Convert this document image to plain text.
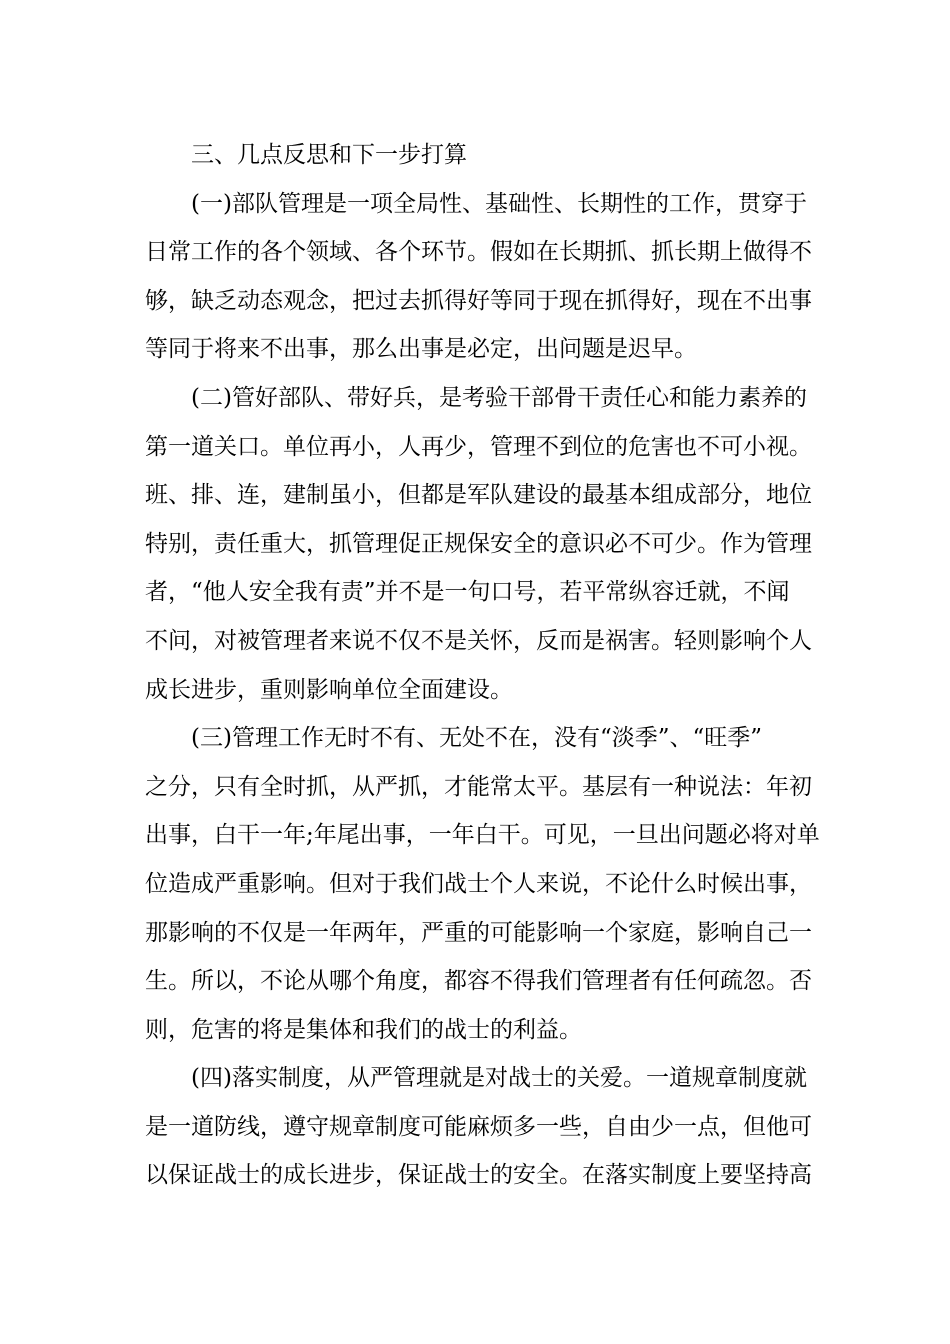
三、几点反思和下一步打算
(一)部队管理是一项全局性、基础性、长期性的工作，贯穿于
日常工作的各个领域、各个环节。假如在长期抓、抓长期上做得不
够，缺乏动态观念，把过去抓得好等同于现在抓得好，现在不出事
等同于将来不出事，那么出事是必定，出问题是迟早。
(二)管好部队、带好兵，是考验干部骨干责任心和能力素养的
第一道关口。单位再小，人再少，管理不到位的危害也不可小视。
班、排、连，建制虽小，但都是军队建设的最基本组成部分，地位
特别，责任重大，抓管理促正规保安全的意识必不可少。作为管理
者，“他人安全我有责”并不是一句口号，若平常纵容迁就，不闻
不问，对被管理者来说不仅不是关怀，反而是祸害。轻则影响个人
成长进步，重则影响单位全面建设。
(三)管理工作无时不有、无处不在，没有“淡季”、“旺季”
之分，只有全时抓，从严抓，才能常太平。基层有一种说法：年初
出事，白干一年;年尾出事，一年白干。可见，一旦出问题必将对单
位造成严重影响。但对于我们战士个人来说，不论什么时候出事，
那影响的不仅是一年两年，严重的可能影响一个家庭，影响自己一
生。所以，不论从哪个角度，都容不得我们管理者有任何疏忽。否
则，危害的将是集体和我们的战士的利益。
(四)落实制度，从严管理就是对战士的关爱。一道规章制度就
是一道防线，遵守规章制度可能麻烦多一些，自由少一点，但他可
以保证战士的成长进步，保证战士的安全。在落实制度上要坚持高
